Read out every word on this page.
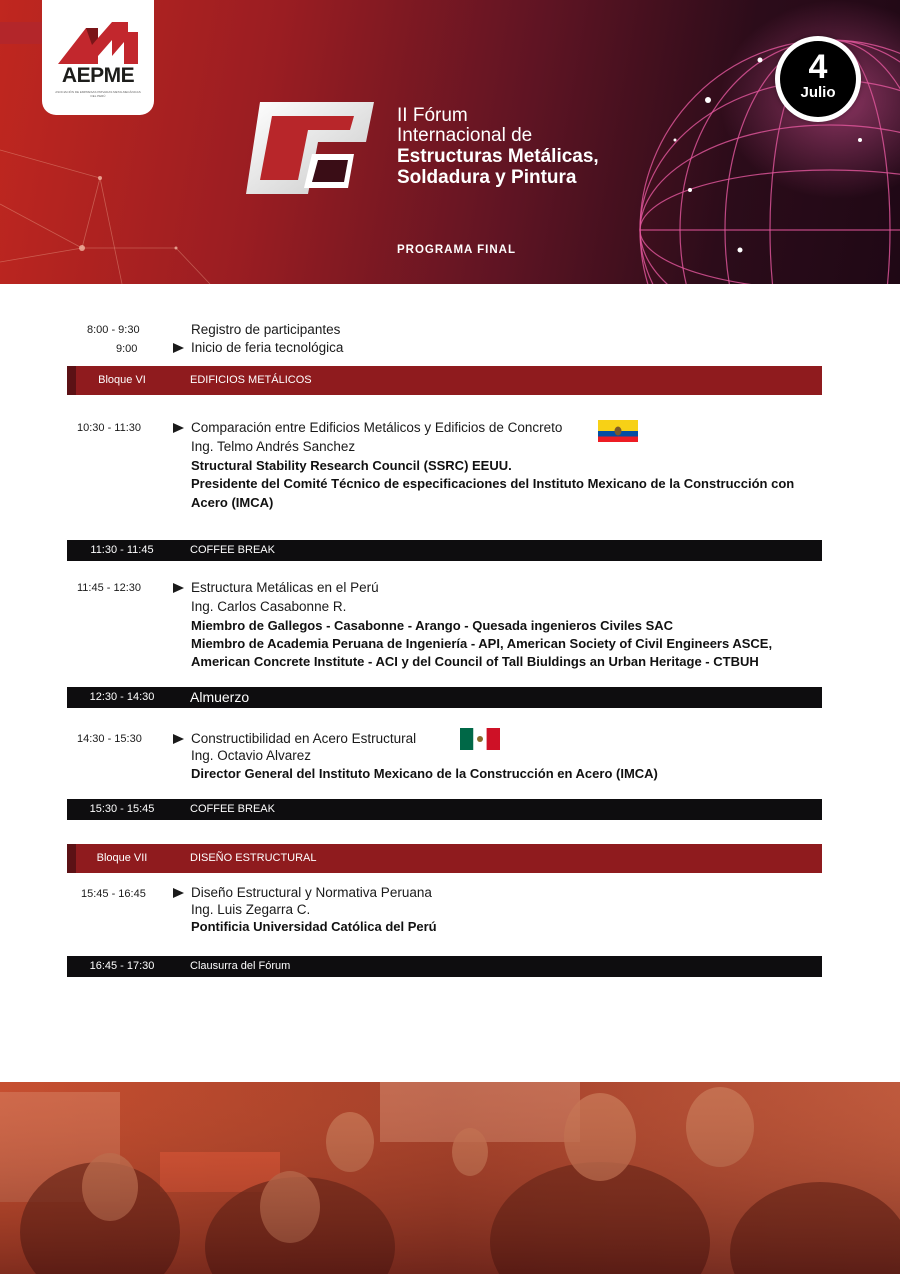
AEPME
ASOCIACIÓN DE EMPRESAS PRIVADAS METALMECÁNICAS DEL PERÚ
II Fórum
Internacional de
Estructuras Metálicas,
Soldadura y Pintura
PROGRAMA FINAL
4
Julio
8:00 - 9:30	Registro de participantes
9:00	Inicio de feria tecnológica
Bloque VI	EDIFICIOS METÁLICOS
10:30 - 11:30	Comparación entre Edificios Metálicos y Edificios de Concreto
Ing. Telmo Andrés Sanchez
Structural Stability Research Council (SSRC) EEUU.
Presidente del Comité Técnico de especificaciones del Instituto Mexicano de la Construcción con Acero (IMCA)
11:30 - 11:45	COFFEE BREAK
11:45 - 12:30	Estructura Metálicas en el Perú
Ing. Carlos Casabonne R.
Miembro de Gallegos - Casabonne - Arango - Quesada ingenieros Civiles SAC
Miembro de Academia Peruana de Ingeniería - API, American Society of Civil Engineers ASCE,
American Concrete Institute - ACI y del Council of Tall Biuldings an Urban Heritage - CTBUH
12:30 - 14:30	Almuerzo
14:30 - 15:30	Constructibilidad en Acero Estructural
Ing. Octavio Alvarez
Director General del Instituto Mexicano de la Construcción en Acero (IMCA)
15:30 - 15:45	COFFEE BREAK
Bloque VII	DISEÑO ESTRUCTURAL
15:45 - 16:45	Diseño Estructural y Normativa Peruana
Ing. Luis Zegarra C.
Pontificia Universidad Católica del Perú
16:45 - 17:30	Clausurra del Fórum
